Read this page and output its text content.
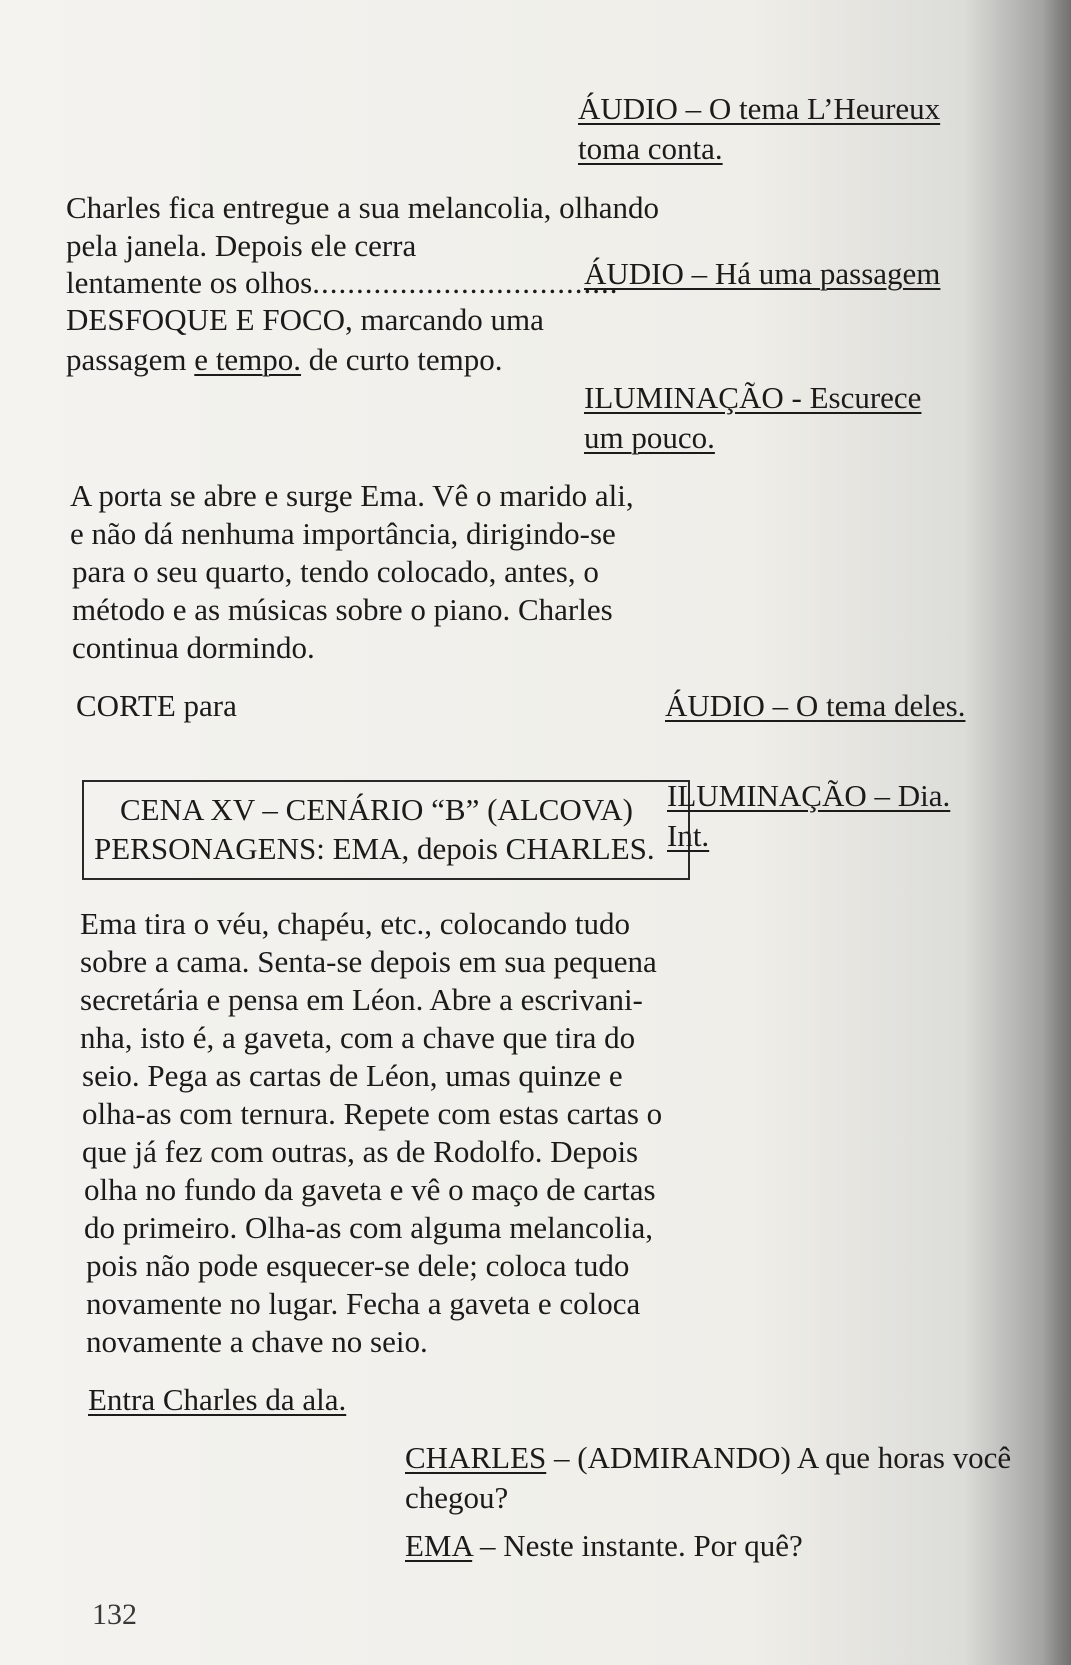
ÁUDIO – O tema L’Heureux
toma conta.
Charles fica entregue a sua melancolia, olhando
pela janela. Depois ele cerra
lentamente os olhos...................................
ÁUDIO – Há uma passagem
DESFOQUE E FOCO, marcando uma
passagem e tempo. de curto tempo.
ILUMINAÇÃO - Escurece
um pouco.
A porta se abre e surge Ema. Vê o marido ali,
e não dá nenhuma importância, dirigindo-se
para o seu quarto, tendo colocado, antes, o
método e as músicas sobre o piano. Charles
continua dormindo.
CORTE para	ÁUDIO – O tema deles.
CENA XV – CENÁRIO “B” (ALCOVA)
PERSONAGENS: EMA, depois CHARLES.
ILUMINAÇÃO – Dia.
Int.
Ema tira o véu, chapéu, etc., colocando tudo
sobre a cama. Senta-se depois em sua pequena
secretária e pensa em Léon. Abre a escrivani-
nha, isto é, a gaveta, com a chave que tira do
seio. Pega as cartas de Léon, umas quinze e
olha-as com ternura. Repete com estas cartas o
que já fez com outras, as de Rodolfo. Depois
olha no fundo da gaveta e vê o maço de cartas
do primeiro. Olha-as com alguma melancolia,
pois não pode esquecer-se dele; coloca tudo
novamente no lugar. Fecha a gaveta e coloca
novamente a chave no seio.
Entra Charles da ala.
CHARLES – (ADMIRANDO) A que horas você
chegou?
EMA – Neste instante. Por quê?
132
